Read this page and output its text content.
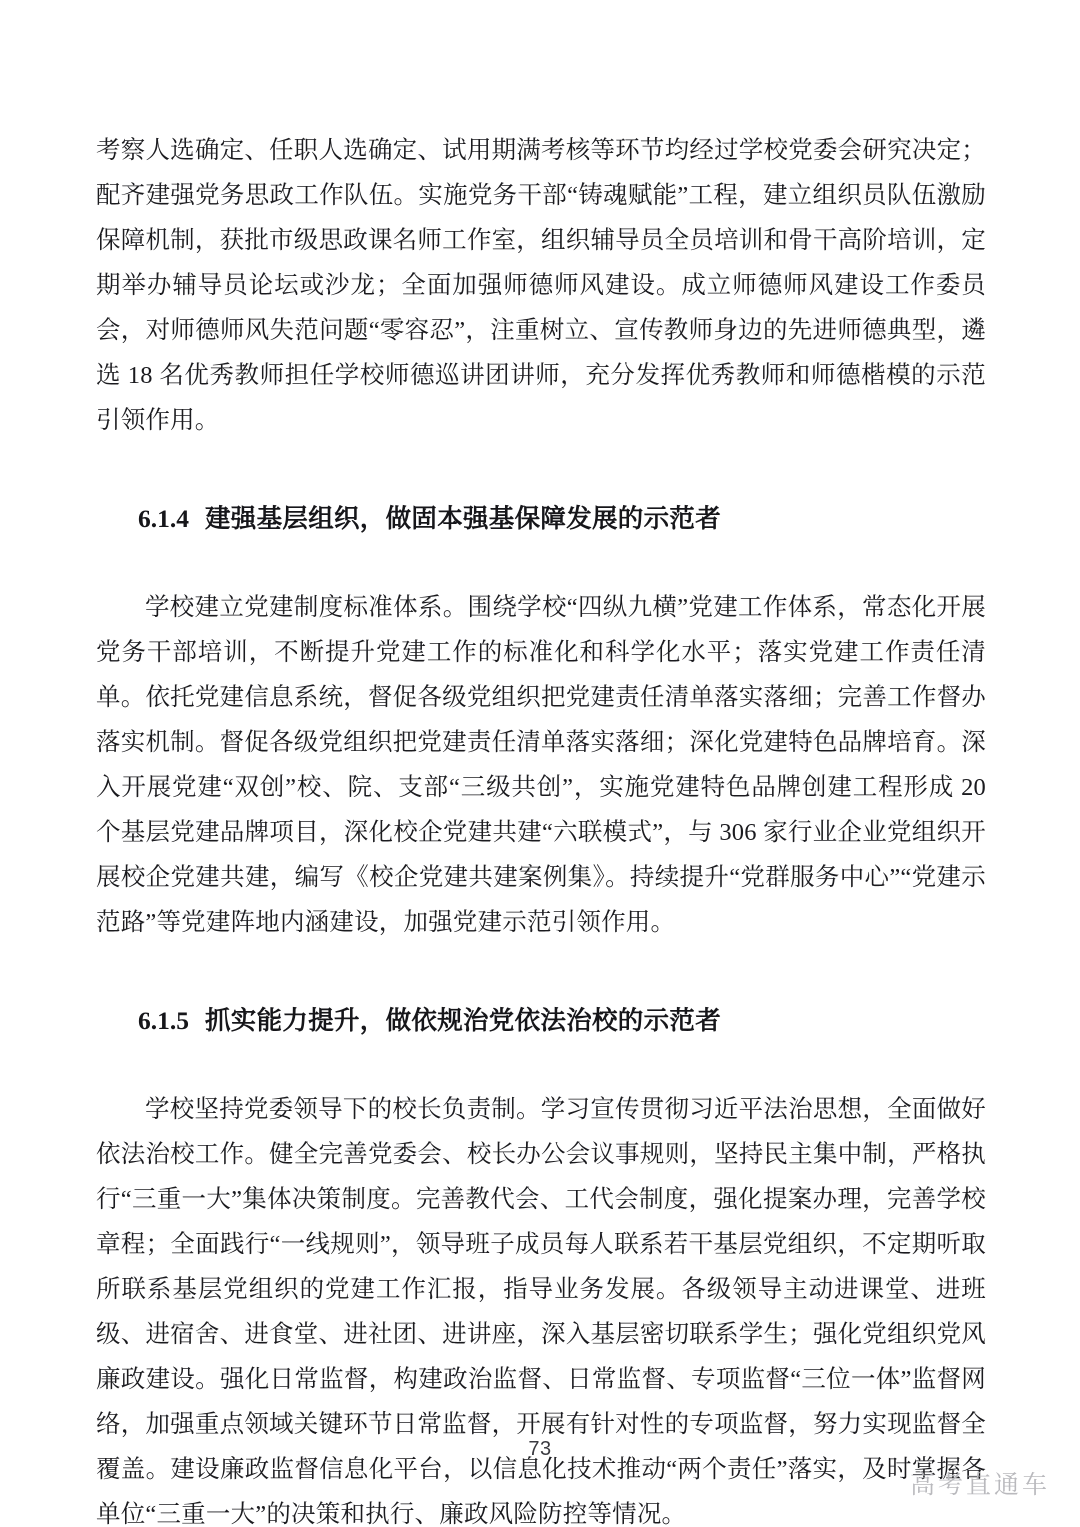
考察人选确定、任职人选确定、试用期满考核等环节均经过学校党委会研究决定；配齐建强党务思政工作队伍。实施党务干部“铸魂赋能”工程，建立组织员队伍激励保障机制，获批市级思政课名师工作室，组织辅导员全员培训和骨干高阶培训，定期举办辅导员论坛或沙龙；全面加强师德师风建设。成立师德师风建设工作委员会，对师德师风失范问题“零容忍”，注重树立、宣传教师身边的先进师德典型，遴选 18 名优秀教师担任学校师德巡讲团讲师，充分发挥优秀教师和师德楷模的示范引领作用。

6.1.4 建强基层组织，做固本强基保障发展的示范者

学校建立党建制度标准体系。围绕学校“四纵九横”党建工作体系，常态化开展党务干部培训，不断提升党建工作的标准化和科学化水平；落实党建工作责任清单。依托党建信息系统，督促各级党组织把党建责任清单落实落细；完善工作督办落实机制。督促各级党组织把党建责任清单落实落细；深化党建特色品牌培育。深入开展党建“双创”校、院、支部“三级共创”，实施党建特色品牌创建工程形成 20 个基层党建品牌项目，深化校企党建共建“六联模式”，与 306 家行业企业党组织开展校企党建共建，编写《校企党建共建案例集》。持续提升“党群服务中心”“党建示范路”等党建阵地内涵建设，加强党建示范引领作用。

6.1.5 抓实能力提升，做依规治党依法治校的示范者

学校坚持党委领导下的校长负责制。学习宣传贯彻习近平法治思想，全面做好依法治校工作。健全完善党委会、校长办公会议事规则，坚持民主集中制，严格执行“三重一大”集体决策制度。完善教代会、工代会制度，强化提案办理，完善学校章程；全面践行“一线规则”，领导班子成员每人联系若干基层党组织，不定期听取所联系基层党组织的党建工作汇报，指导业务发展。各级领导主动进课堂、进班级、进宿舍、进食堂、进社团、进讲座，深入基层密切联系学生；强化党组织党风廉政建设。强化日常监督，构建政治监督、日常监督、专项监督“三位一体”监督网络，加强重点领域关键环节日常监督，开展有针对性的专项监督，努力实现监督全覆盖。建设廉政监督信息化平台，以信息化技术推动“两个责任”落实，及时掌握各单位“三重一大”的决策和执行、廉政风险防控等情况。

73
高考直通车
